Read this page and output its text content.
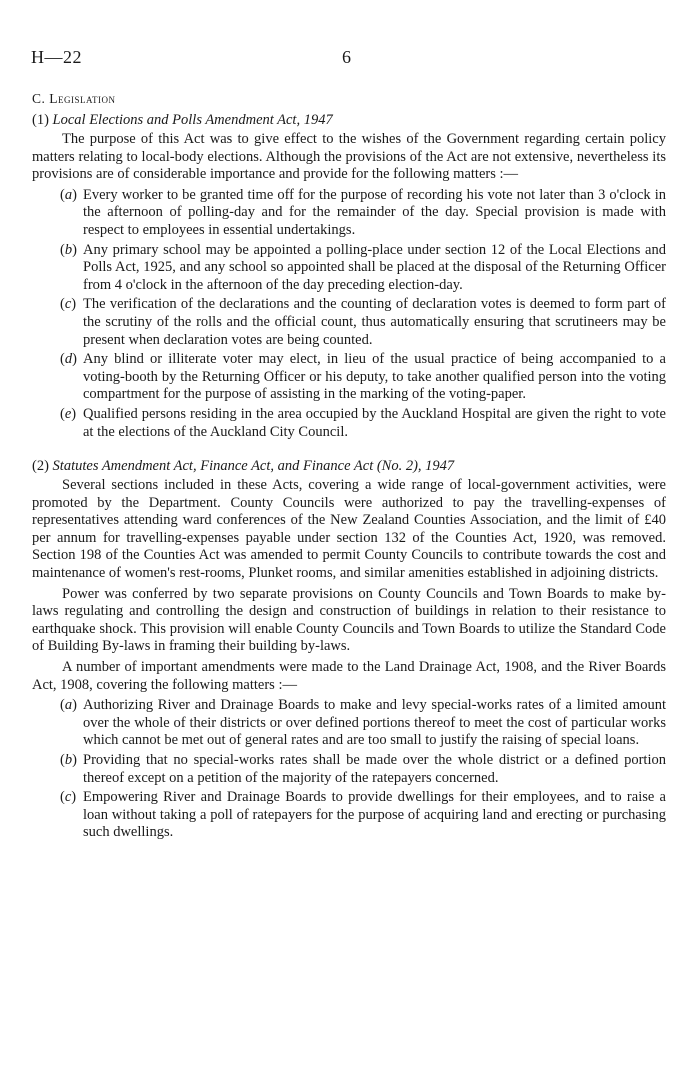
H—22	6
C. Legislation
(1) Local Elections and Polls Amendment Act, 1947

The purpose of this Act was to give effect to the wishes of the Government regarding certain policy matters relating to local-body elections. Although the provisions of the Act are not extensive, nevertheless its provisions are of considerable importance and provide for the following matters :—

(a) Every worker to be granted time off for the purpose of recording his vote not later than 3 o'clock in the afternoon of polling-day and for the remainder of the day. Special provision is made with respect to employees in essential undertakings.
(b) Any primary school may be appointed a polling-place under section 12 of the Local Elections and Polls Act, 1925, and any school so appointed shall be placed at the disposal of the Returning Officer from 4 o'clock in the afternoon of the day preceding election-day.
(c) The verification of the declarations and the counting of declaration votes is deemed to form part of the scrutiny of the rolls and the official count, thus automatically ensuring that scrutineers may be present when declaration votes are being counted.
(d) Any blind or illiterate voter may elect, in lieu of the usual practice of being accompanied to a voting-booth by the Returning Officer or his deputy, to take another qualified person into the voting compartment for the purpose of assisting in the marking of the voting-paper.
(e) Qualified persons residing in the area occupied by the Auckland Hospital are given the right to vote at the elections of the Auckland City Council.
(2) Statutes Amendment Act, Finance Act, and Finance Act (No. 2), 1947

Several sections included in these Acts, covering a wide range of local-government activities, were promoted by the Department. County Councils were authorized to pay the travelling-expenses of representatives attending ward conferences of the New Zealand Counties Association, and the limit of £40 per annum for travelling-expenses payable under section 132 of the Counties Act, 1920, was removed. Section 198 of the Counties Act was amended to permit County Councils to contribute towards the cost and maintenance of women's rest-rooms, Plunket rooms, and similar amenities established in adjoining districts.

Power was conferred by two separate provisions on County Councils and Town Boards to make by-laws regulating and controlling the design and construction of buildings in relation to their resistance to earthquake shock. This provision will enable County Councils and Town Boards to utilize the Standard Code of Building By-laws in framing their building by-laws.

A number of important amendments were made to the Land Drainage Act, 1908, and the River Boards Act, 1908, covering the following matters :—

(a) Authorizing River and Drainage Boards to make and levy special-works rates of a limited amount over the whole of their districts or over defined portions thereof to meet the cost of particular works which cannot be met out of general rates and are too small to justify the raising of special loans.
(b) Providing that no special-works rates shall be made over the whole district or a defined portion thereof except on a petition of the majority of the ratepayers concerned.
(c) Empowering River and Drainage Boards to provide dwellings for their employees, and to raise a loan without taking a poll of ratepayers for the purpose of acquiring land and erecting or purchasing such dwellings.
